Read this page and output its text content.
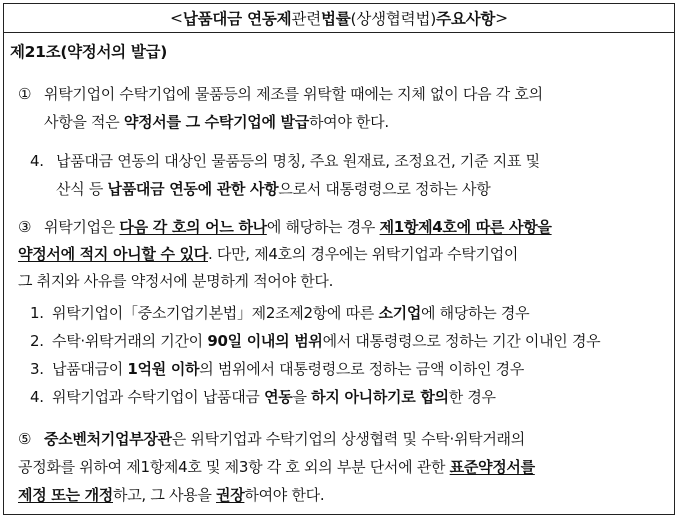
< 납품대금 연동제 관련 법률 (상생협력법) 주요사항 >
제21조(약정서의 발급)
① 위탁기업이 수탁기업에 물품등의 제조를 위탁할 때에는 지체 없이 다음 각 호의
사항을 적은 약정서를 그 수탁기업에 발급하여야 한다.
4. 납품대금 연동의 대상인 물품등의 명칭, 주요 원재료, 조정요건, 기준 지표 및
산식 등 납품대금 연동에 관한 사항으로서 대통령령으로 정하는 사항
③ 위탁기업은 다음 각 호의 어느 하나에 해당하는 경우 제1항제4호에 따른 사항을
약정서에 적지 아니할 수 있다. 다만, 제4호의 경우에는 위탁기업과 수탁기업이
그 취지와 사유를 약정서에 분명하게 적어야 한다.
1. 위탁기업이「중소기업기본법」제2조제2항에 따른 소기업에 해당하는 경우
2. 수탁·위탁거래의 기간이 90일 이내의 범위에서 대통령령으로 정하는 기간 이내인 경우
3. 납품대금이 1억원 이하의 범위에서 대통령령으로 정하는 금액 이하인 경우
4. 위탁기업과 수탁기업이 납품대금 연동을 하지 아니하기로 합의한 경우
⑤ 중소벤처기업부장관은 위탁기업과 수탁기업의 상생협력 및 수탁·위탁거래의
공정화를 위하여 제1항제4호 및 제3항 각 호 외의 부분 단서에 관한 표준약정서를
제정 또는 개정하고, 그 사용을 권장하여야 한다.
